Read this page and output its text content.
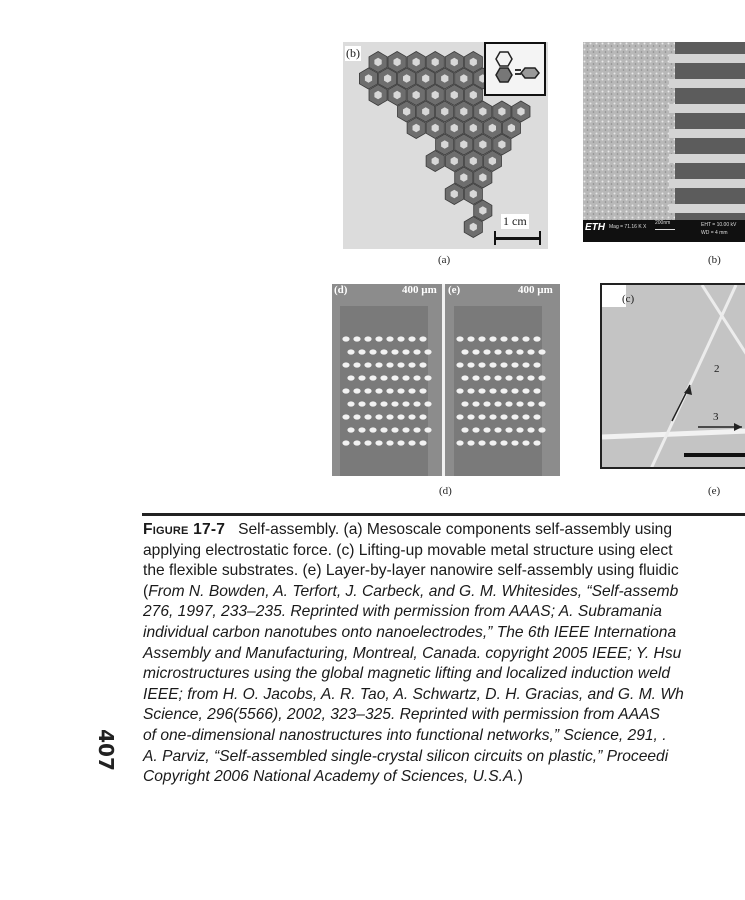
(b)
1 cm
(a)
ETH Mag = 71.16 K X
200nm	EHT = 10.00 kV
WD = 4 mm
(b)
(d)	400 µm (e)	400 µm
(d)
(c)
2
3
(e)
Figure 17-7 Self-assembly. (a) Mesoscale components self-assembly using
applying electrostatic force. (c) Lifting-up movable metal structure using elect
the flexible substrates. (e) Layer-by-layer nanowire self-assembly using fluidic
(From N. Bowden, A. Terfort, J. Carbeck, and G. M. Whitesides, “Self-assemb
276, 1997, 233–235. Reprinted with permission from AAAS; A. Subramania
individual carbon nanotubes onto nanoelectrodes,” The 6th IEEE Internationa
Assembly and Manufacturing, Montreal, Canada. copyright 2005 IEEE; Y. Hsu
microstructures using the global magnetic lifting and localized induction weld
IEEE; from H. O. Jacobs, A. R. Tao, A. Schwartz, D. H. Gracias, and G. M. Wh
Science, 296(5566), 2002, 323–325. Reprinted with permission from AAAS
of one-dimensional nanostructures into functional networks,” Science, 291, .
A. Parviz, “Self-assembled single-crystal silicon circuits on plastic,” Proceedi
Copyright 2006 National Academy of Sciences, U.S.A.)
407
